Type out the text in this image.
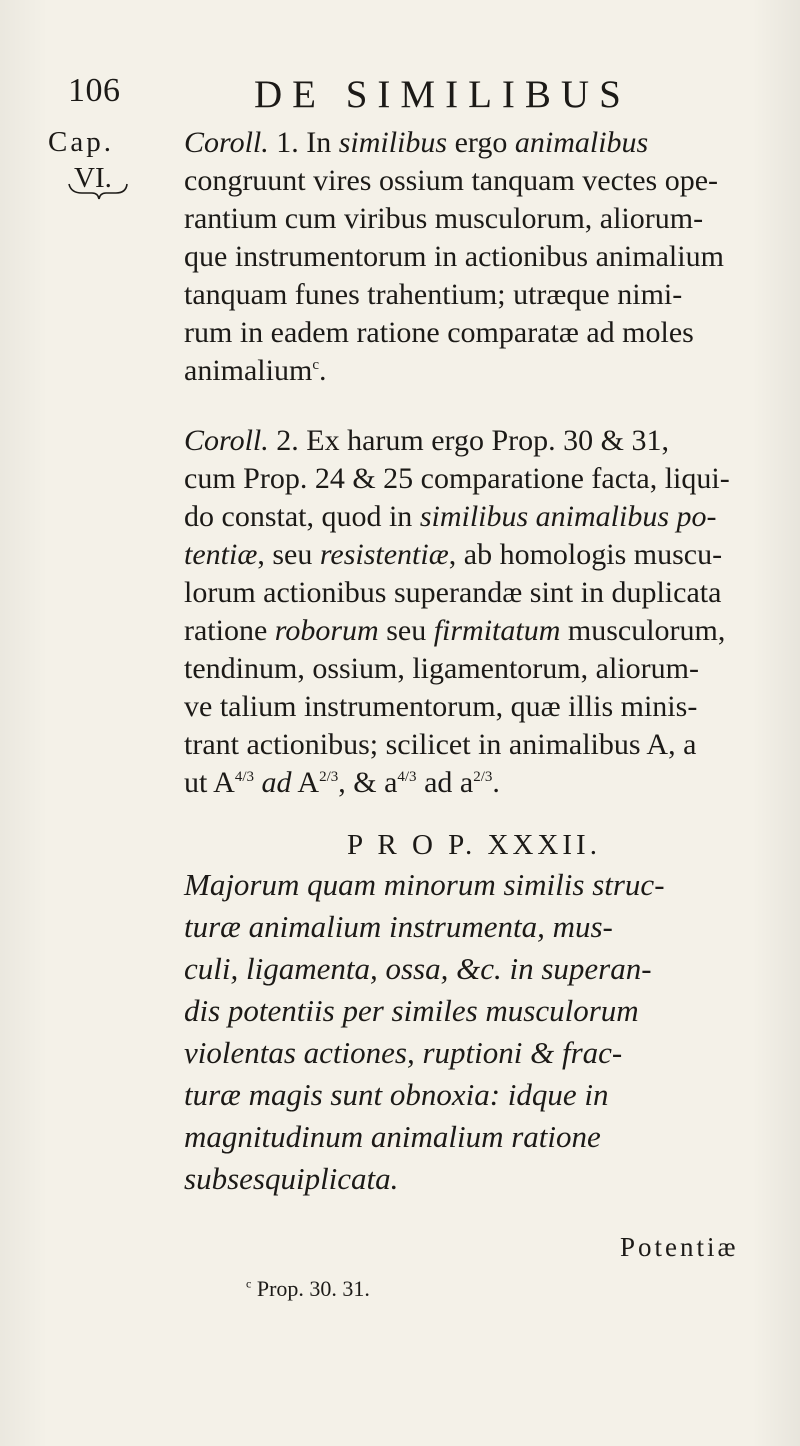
106	DE SIMILIBUS
Cap.
VI.
Coroll. 1. In similibus ergo animalibus
congruunt vires ossium tanquam vectes ope-
rantium cum viribus musculorum, aliorum-
que instrumentorum in actionibus animalium
tanquam funes trahentium; utræque nimi-
rum in eadem ratione comparatæ ad moles
animalium$^c$.
Coroll. 2. Ex harum ergo Prop. 30 & 31,
cum Prop. 24 & 25 comparatione facta, liqui-
do constat, quod in similibus animalibus po-
tentiæ, seu resistentiæ, ab homologis muscu-
lorum actionibus superandæ sint in duplicata
ratione roborum seu firmitatum musculorum,
tendinum, ossium, ligamentorum, aliorum-
ve talium instrumentorum, quæ illis minis-
trant actionibus; scilicet in animalibus A, a
ut $A^{4/3}$ ad $A^{2/3}$, & $a^{4/3}$ ad $a^{2/3}$.
P R O P. XXXII.
Majorum quam minorum similis struc-
turæ animalium instrumenta, mus-
culi, ligamenta, ossa, &c. in superan-
dis potentiis per similes musculorum
violentas actiones, ruptioni & frac-
turæ magis sunt obnoxia: idque in
magnitudinum animalium ratione
subsesquiplicata.
Potentiæ
$^c$ Prop. 30. 31.
